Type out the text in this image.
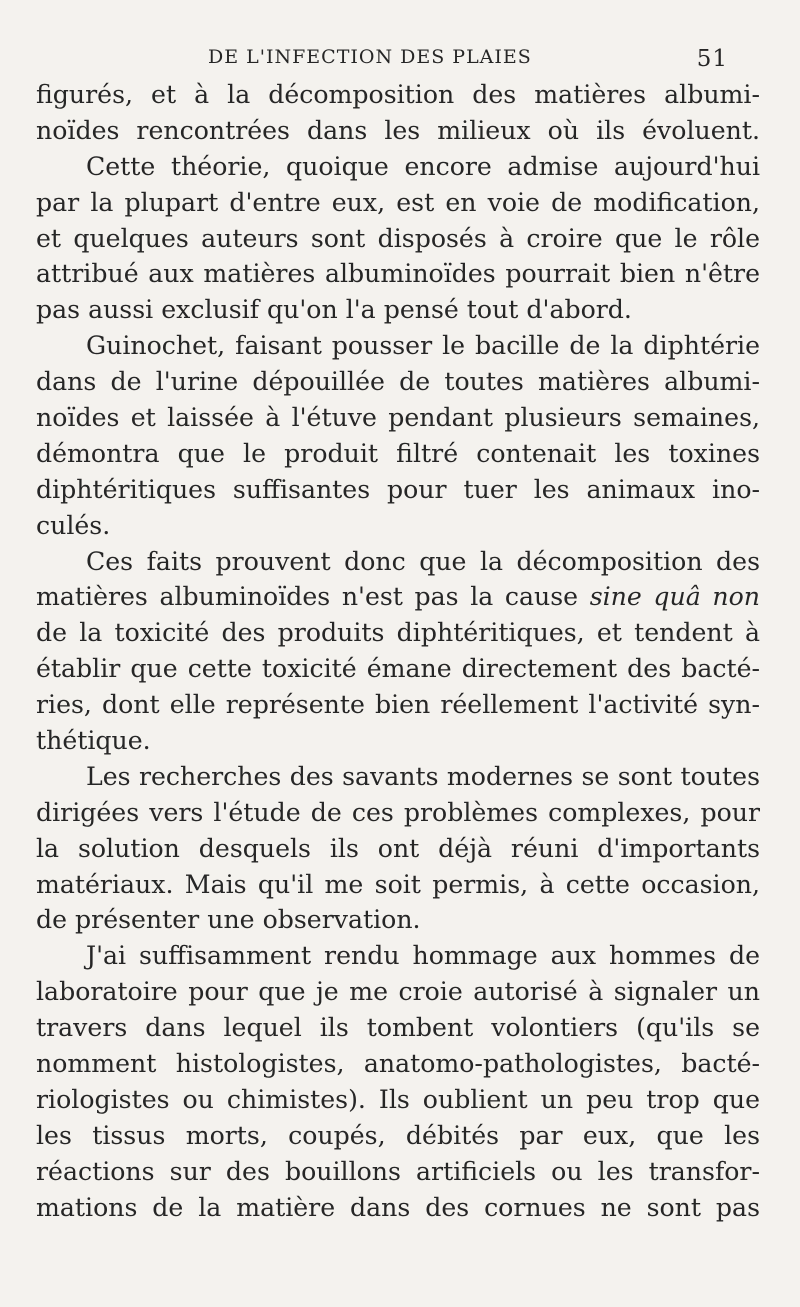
DE L'INFECTION DES PLAIES	51
figurés, et à la décomposition des matières albumi-
noïdes rencontrées dans les milieux où ils évoluent.
Cette théorie, quoique encore admise aujourd'hui
par la plupart d'entre eux, est en voie de modification,
et quelques auteurs sont disposés à croire que le rôle
attribué aux matières albuminoïdes pourrait bien n'être
pas aussi exclusif qu'on l'a pensé tout d'abord.
Guinochet, faisant pousser le bacille de la diphtérie
dans de l'urine dépouillée de toutes matières albumi-
noïdes et laissée à l'étuve pendant plusieurs semaines,
démontra que le produit filtré contenait les toxines
diphtéritiques suffisantes pour tuer les animaux ino-
culés.
Ces faits prouvent donc que la décomposition des
matières albuminoïdes n'est pas la cause sine quâ non
de la toxicité des produits diphtéritiques, et tendent à
établir que cette toxicité émane directement des bacté-
ries, dont elle représente bien réellement l'activité syn-
thétique.
Les recherches des savants modernes se sont toutes
dirigées vers l'étude de ces problèmes complexes, pour
la solution desquels ils ont déjà réuni d'importants
matériaux. Mais qu'il me soit permis, à cette occasion,
de présenter une observation.
J'ai suffisamment rendu hommage aux hommes de
laboratoire pour que je me croie autorisé à signaler un
travers dans lequel ils tombent volontiers (qu'ils se
nomment histologistes, anatomo-pathologistes, bacté-
riologistes ou chimistes). Ils oublient un peu trop que
les tissus morts, coupés, débités par eux, que les
réactions sur des bouillons artificiels ou les transfor-
mations de la matière dans des cornues ne sont pas
